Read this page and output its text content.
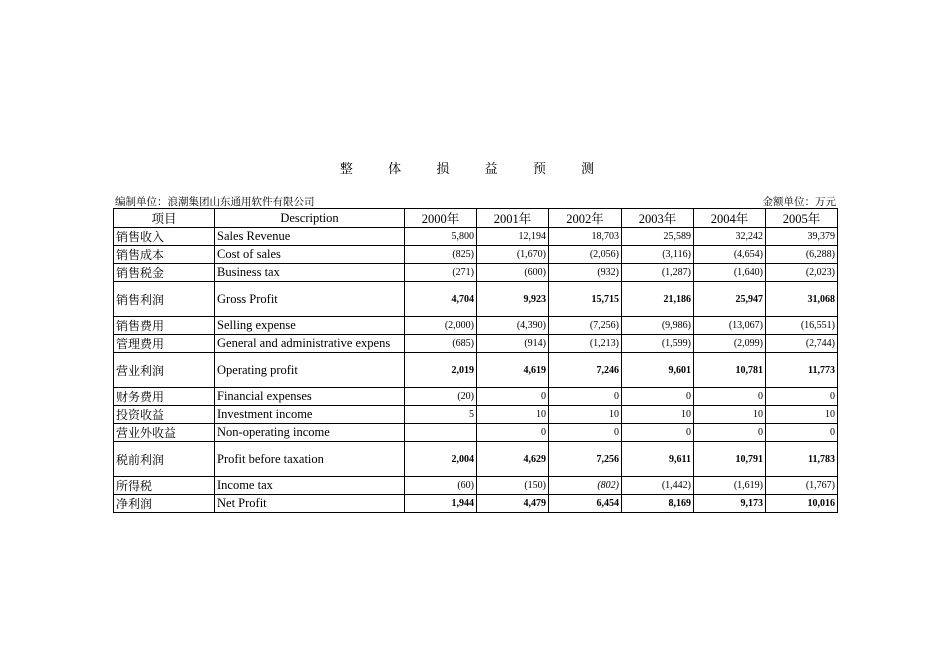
整 体 损 益 预 测
编制单位：浪潮集团山东通用软件有限公司	金额单位：万元
项目	Description	2000年	2001年	2002年	2003年	2004年	2005年
销售收入	Sales Revenue	5,800	12,194	18,703	25,589	32,242	39,379
销售成本	Cost of sales	(825)	(1,670)	(2,056)	(3,116)	(4,654)	(6,288)
销售税金	Business tax	(271)	(600)	(932)	(1,287)	(1,640)	(2,023)
销售利润	Gross Profit	4,704	9,923	15,715	21,186	25,947	31,068
销售费用	Selling expense	(2,000)	(4,390)	(7,256)	(9,986)	(13,067)	(16,551)
管理费用	General and administrative expens	(685)	(914)	(1,213)	(1,599)	(2,099)	(2,744)
营业利润	Operating profit	2,019	4,619	7,246	9,601	10,781	11,773
财务费用	Financial expenses	(20)	0	0	0	0	0
投资收益	Investment income	5	10	10	10	10	10
营业外收益	Non-operating income		0	0	0	0	0
税前利润	Profit before taxation	2,004	4,629	7,256	9,611	10,791	11,783
所得税	Income tax	(60)	(150)	(802)	(1,442)	(1,619)	(1,767)
净利润	Net Profit	1,944	4,479	6,454	8,169	9,173	10,016
